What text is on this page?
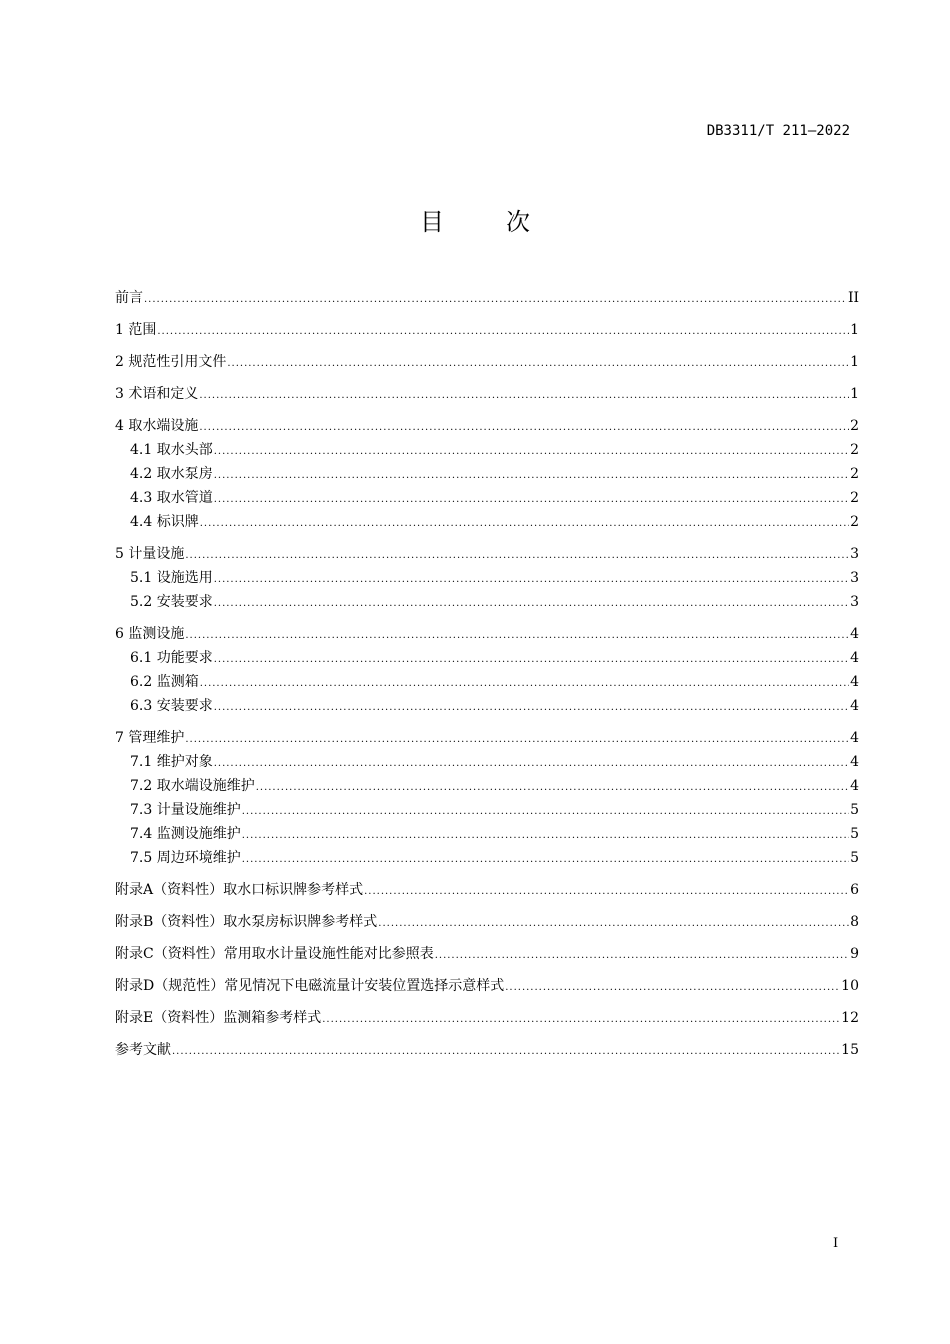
DB3311/T 211—2022
目次
前言 .....	II
1 范围 .....	1
2 规范性引用文件 .....	1
3 术语和定义 .....	1
4 取水端设施 .....	2
4.1 取水头部 .....	2
4.2 取水泵房 .....	2
4.3 取水管道 .....	2
4.4 标识牌 .....	2
5 计量设施 .....	3
5.1 设施选用 .....	3
5.2 安装要求 .....	3
6 监测设施 .....	4
6.1 功能要求 .....	4
6.2 监测箱 .....	4
6.3 安装要求 .....	4
7 管理维护 .....	4
7.1 维护对象 .....	4
7.2 取水端设施维护 .....	4
7.3 计量设施维护 .....	5
7.4 监测设施维护 .....	5
7.5 周边环境维护 .....	5
附录A（资料性）取水口标识牌参考样式 .....	6
附录B（资料性）取水泵房标识牌参考样式 .....	8
附录C（资料性）常用取水计量设施性能对比参照表 .....	9
附录D（规范性）常见情况下电磁流量计安装位置选择示意样式 .....	10
附录E（资料性）监测箱参考样式 .....	12
参考文献 .....	15
I
